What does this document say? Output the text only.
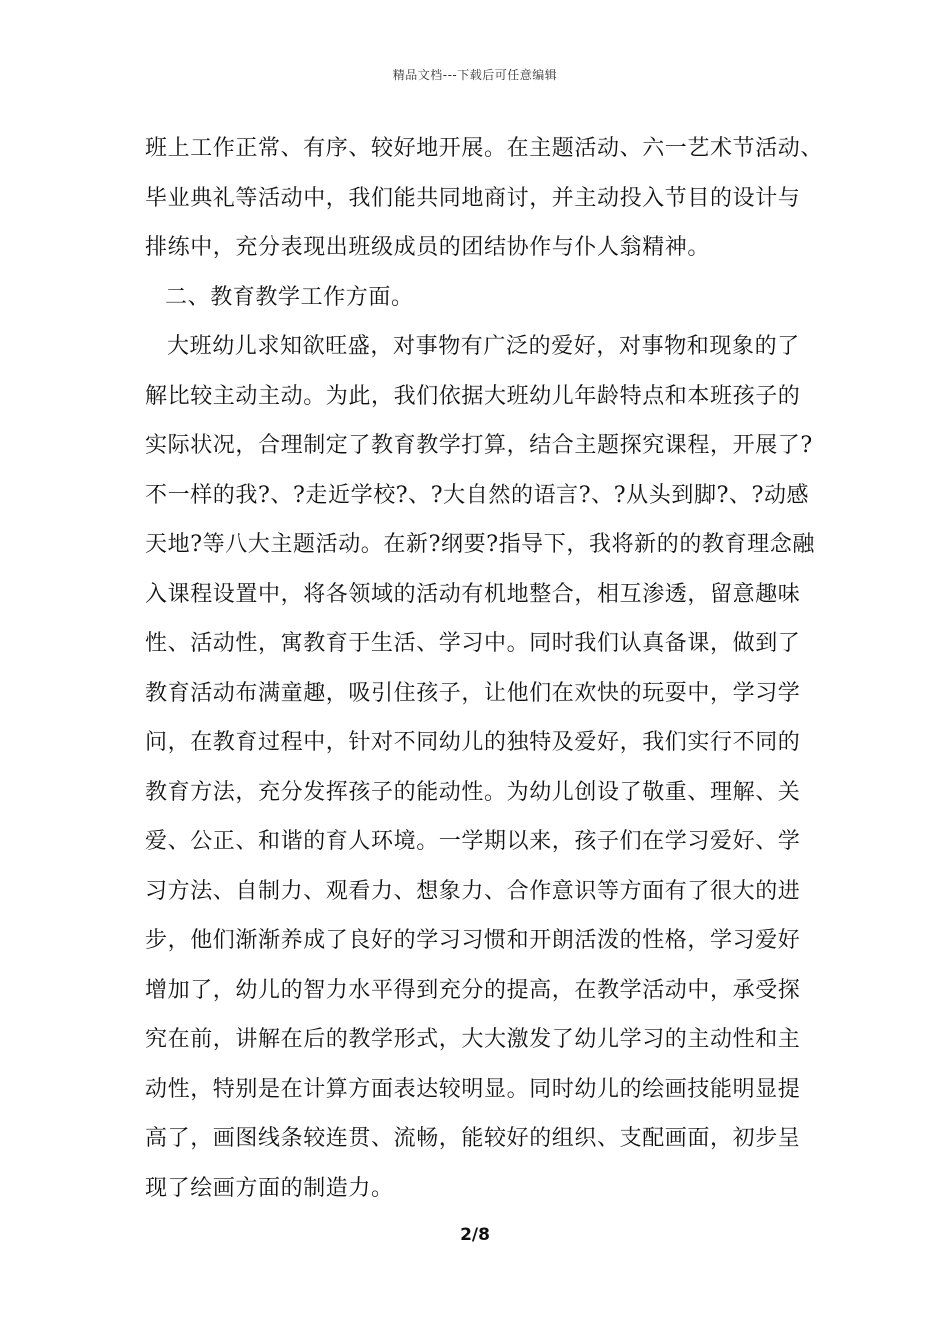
精品文档---下载后可任意编辑
班上工作正常、有序、较好地开展。在主题活动、六一艺术节活动、
毕业典礼等活动中，我们能共同地商讨，并主动投入节目的设计与
排练中，充分表现出班级成员的团结协作与仆人翁精神。
二、教育教学工作方面。
大班幼儿求知欲旺盛，对事物有广泛的爱好，对事物和现象的了
解比较主动主动。为此，我们依据大班幼儿年龄特点和本班孩子的
实际状况，合理制定了教育教学打算，结合主题探究课程，开展了?
不一样的我?、?走近学校?、?大自然的语言?、?从头到脚?、?动感
天地?等八大主题活动。在新?纲要?指导下，我将新的的教育理念融
入课程设置中，将各领域的活动有机地整合，相互渗透，留意趣味
性、活动性，寓教育于生活、学习中。同时我们认真备课，做到了
教育活动布满童趣，吸引住孩子，让他们在欢快的玩耍中，学习学
问，在教育过程中，针对不同幼儿的独特及爱好，我们实行不同的
教育方法，充分发挥孩子的能动性。为幼儿创设了敬重、理解、关
爱、公正、和谐的育人环境。一学期以来，孩子们在学习爱好、学
习方法、自制力、观看力、想象力、合作意识等方面有了很大的进
步，他们渐渐养成了良好的学习习惯和开朗活泼的性格，学习爱好
增加了，幼儿的智力水平得到充分的提高，在教学活动中，承受探
究在前，讲解在后的教学形式，大大激发了幼儿学习的主动性和主
动性，特别是在计算方面表达较明显。同时幼儿的绘画技能明显提
高了，画图线条较连贯、流畅，能较好的组织、支配画面，初步呈
现了绘画方面的制造力。
2/8
